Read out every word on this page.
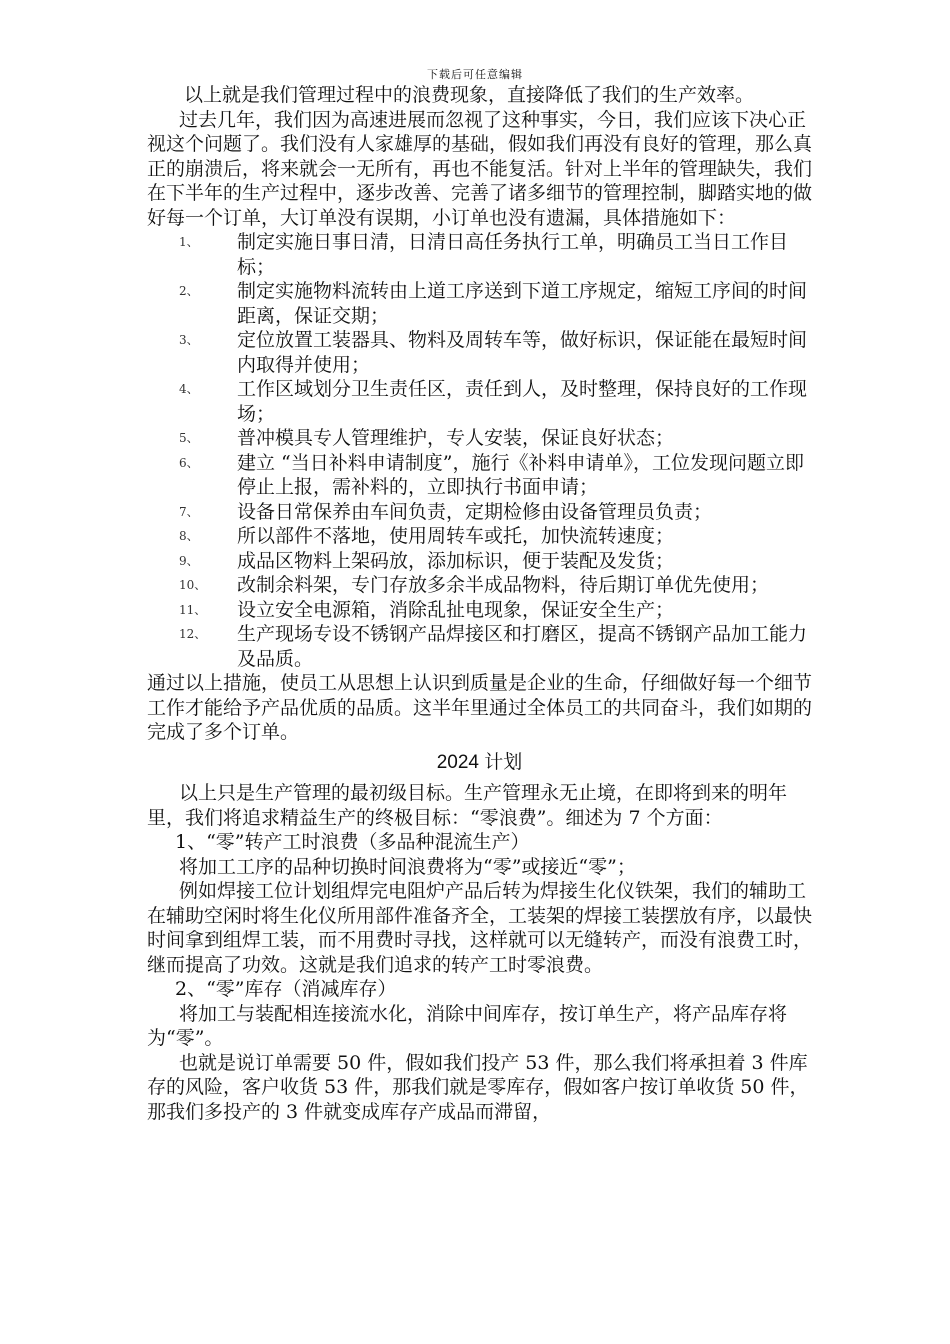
下载后可任意编辑

以上就是我们管理过程中的浪费现象，直接降低了我们的生产效率。

过去几年，我们因为高速进展而忽视了这种事实，今日，我们应该下决心正视这个问题了。我们没有人家雄厚的基础，假如我们再没有良好的管理，那么真正的崩溃后，将来就会一无所有，再也不能复活。针对上半年的管理缺失，我们在下半年的生产过程中，逐步改善、完善了诸多细节的管理控制，脚踏实地的做好每一个订单，大订单没有误期，小订单也没有遗漏，具体措施如下：

1、	制定实施日事日清，日清日高任务执行工单，明确员工当日工作目标；
2、	制定实施物料流转由上道工序送到下道工序规定，缩短工序间的时间距离，保证交期；
3、	定位放置工装器具、物料及周转车等，做好标识，保证能在最短时间内取得并使用；
4、	工作区域划分卫生责任区，责任到人，及时整理，保持良好的工作现场；
5、	普冲模具专人管理维护，专人安装，保证良好状态；
6、	建立 “当日补料申请制度”，施行《补料申请单》，工位发现问题立即停止上报，需补料的，立即执行书面申请；
7、	设备日常保养由车间负责，定期检修由设备管理员负责；
8、	所以部件不落地，使用周转车或托，加快流转速度；
9、	成品区物料上架码放，添加标识，便于装配及发货；
10、	改制余料架，专门存放多余半成品物料，待后期订单优先使用；
11、	设立安全电源箱，消除乱扯电现象，保证安全生产；
12、	生产现场专设不锈钢产品焊接区和打磨区，提高不锈钢产品加工能力及品质。

通过以上措施，使员工从思想上认识到质量是企业的生命，仔细做好每一个细节工作才能给予产品优质的品质。这半年里通过全体员工的共同奋斗，我们如期的完成了多个订单。

2024 计划

以上只是生产管理的最初级目标。生产管理永无止境，在即将到来的明年里，我们将追求精益生产的终极目标：“零浪费”。细述为 7 个方面：

1、“零”转产工时浪费（多品种混流生产）

将加工工序的品种切换时间浪费将为“零”或接近“零”；

例如焊接工位计划组焊完电阻炉产品后转为焊接生化仪铁架，我们的辅助工在辅助空闲时将生化仪所用部件准备齐全，工装架的焊接工装摆放有序，以最快时间拿到组焊工装，而不用费时寻找，这样就可以无缝转产，而没有浪费工时，继而提高了功效。这就是我们追求的转产工时零浪费。

2、“零”库存（消减库存）

将加工与装配相连接流水化，消除中间库存，按订单生产，将产品库存将为“零”。

也就是说订单需要 50 件，假如我们投产 53 件，那么我们将承担着 3 件库存的风险，客户收货 53 件，那我们就是零库存，假如客户按订单收货 50 件，那我们多投产的 3 件就变成库存产成品而滞留，
